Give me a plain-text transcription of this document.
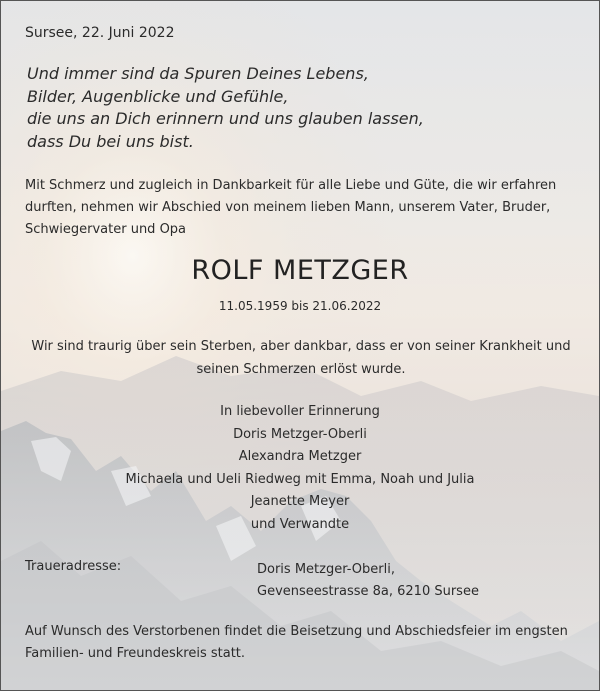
Sursee, 22. Juni 2022
Und immer sind da Spuren Deines Lebens,
Bilder, Augenblicke und Gefühle,
die uns an Dich erinnern und uns glauben lassen,
dass Du bei uns bist.
Mit Schmerz und zugleich in Dankbarkeit für alle Liebe und Güte, die wir erfahren durften, nehmen wir Abschied von meinem lieben Mann, unserem Vater, Bruder, Schwiegervater und Opa
ROLF METZGER
11.05.1959 bis 21.06.2022
Wir sind traurig über sein Sterben, aber dankbar, dass er von seiner Krankheit und seinen Schmerzen erlöst wurde.
In liebevoller Erinnerung
Doris Metzger-Oberli
Alexandra Metzger
Michaela und Ueli Riedweg mit Emma, Noah und Julia
Jeanette Meyer
und Verwandte
Traueradresse:	Doris Metzger-Oberli,
Gevenseestrasse 8a, 6210 Sursee
Auf Wunsch des Verstorbenen findet die Beisetzung und Abschiedsfeier im engsten Familien- und Freundeskreis statt.
